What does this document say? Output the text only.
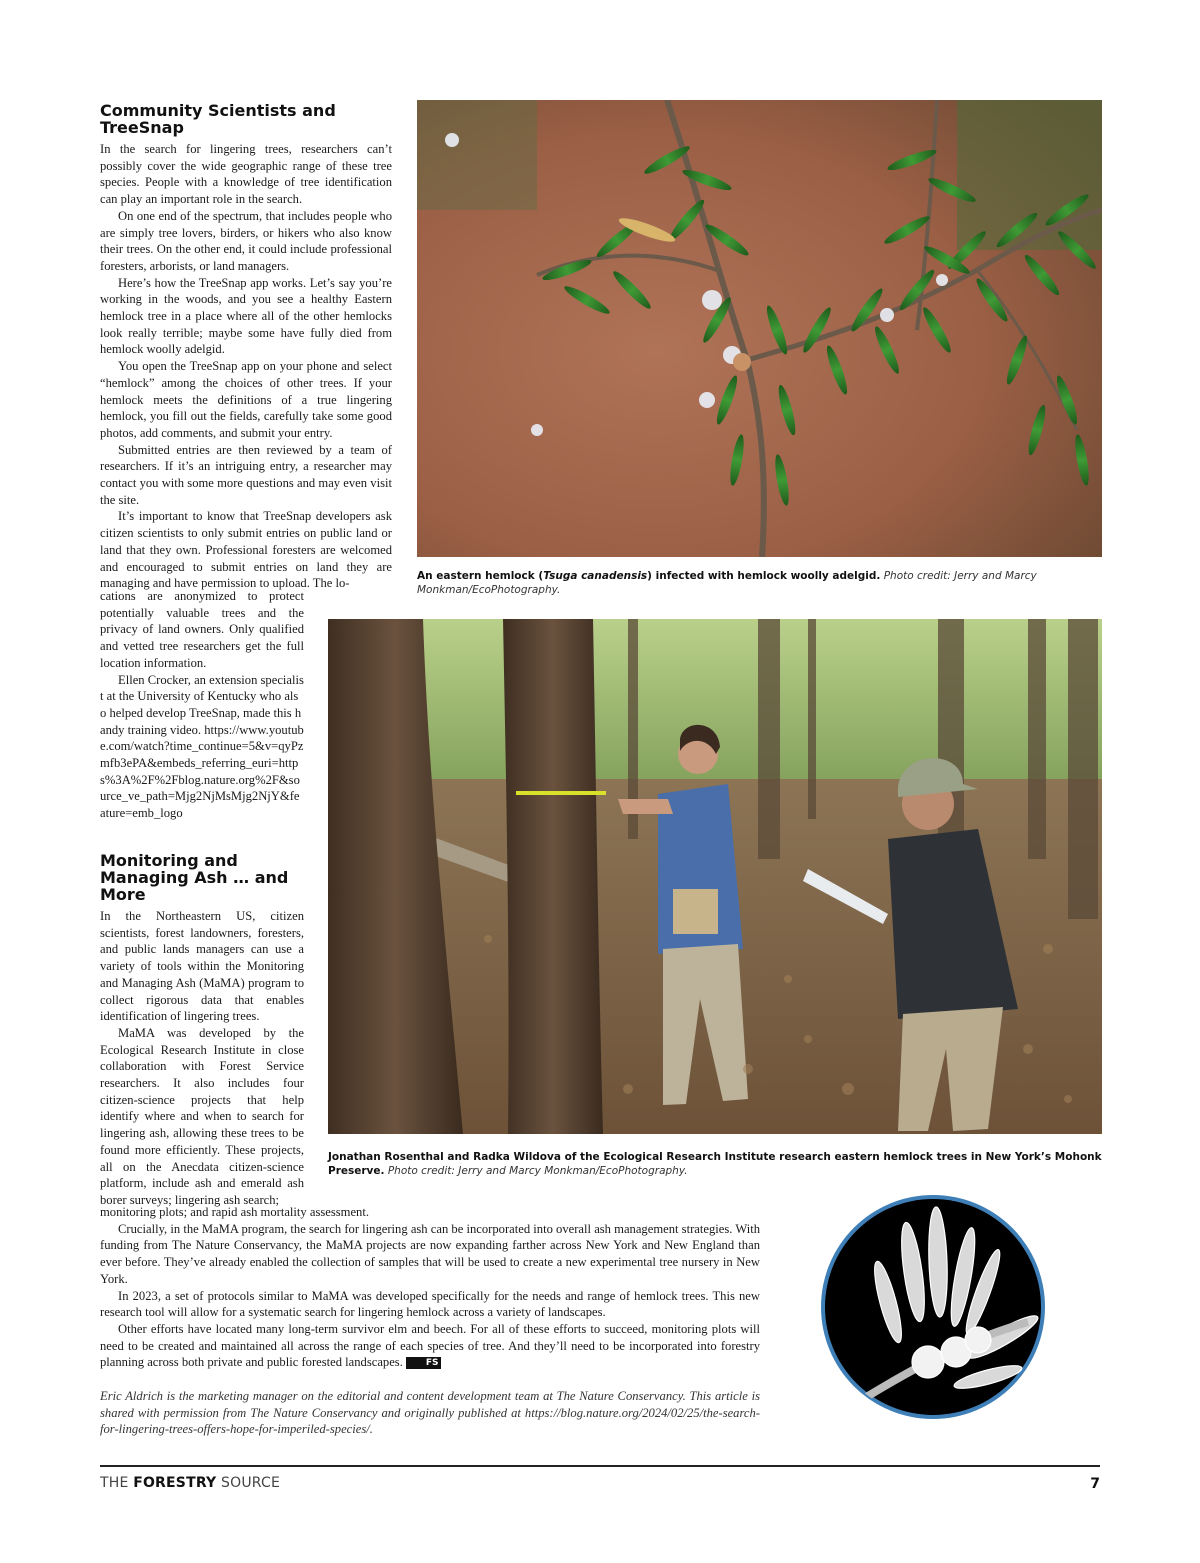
Community Scientists and TreeSnap

In the search for lingering trees, researchers can’t possibly cover the wide geographic range of these tree species. People with a knowledge of tree identification can play an important role in the search.

On one end of the spectrum, that includes people who are simply tree lovers, birders, or hikers who also know their trees. On the other end, it could include professional foresters, arborists, or land managers.

Here’s how the TreeSnap app works. Let’s say you’re working in the woods, and you see a healthy Eastern hemlock tree in a place where all of the other hemlocks look really terrible; maybe some have fully died from hemlock woolly adelgid.

You open the TreeSnap app on your phone and select “hemlock” among the choices of other trees. If your hemlock meets the definitions of a true lingering hemlock, you fill out the fields, carefully take some good photos, add comments, and submit your entry.

Submitted entries are then reviewed by a team of researchers. If it’s an intriguing entry, a researcher may contact you with some more questions and may even visit the site.

It’s important to know that TreeSnap developers ask citizen scientists to only submit entries on public land or land that they own. Professional foresters are welcomed and encouraged to submit entries on land they are managing and have permission to upload. The lo-

cations are anonymized to protect potentially valuable trees and the privacy of land owners. Only qualified and vetted tree researchers get the full location information.

Ellen Crocker, an extension specialist at the University of Kentucky who also helped develop TreeSnap, made this handy training video. https://www.youtube.com/watch?time_continue=5&v=qyPzmfb3ePA&embeds_referring_euri=https%3A%2F%2Fblog.nature.org%2F&source_ve_path=Mjg2NjMsMjg2NjY&feature=emb_logo

Monitoring and Managing Ash … and More

In the Northeastern US, citizen scientists, forest landowners, foresters, and public lands managers can use a variety of tools within the Monitoring and Managing Ash (MaMA) program to collect rigorous data that enables identification of lingering trees.

MaMA was developed by the Ecological Research Institute in close collaboration with Forest Service researchers. It also includes four citizen-science projects that help identify where and when to search for lingering ash, allowing these trees to be found more efficiently. These projects, all on the Anecdata citizen-science platform, include ash and emerald ash borer surveys; lingering ash search;

monitoring plots; and rapid ash mortality assessment.

Crucially, in the MaMA program, the search for lingering ash can be incorporated into overall ash management strategies. With funding from The Nature Conservancy, the MaMA projects are now expanding farther across New York and New England than ever before. They’ve already enabled the collection of samples that will be used to create a new experimental tree nursery in New York.

In 2023, a set of protocols similar to MaMA was developed specifically for the needs and range of hemlock trees. This new research tool will allow for a systematic search for lingering hemlock across a variety of landscapes.

Other efforts have located many long-term survivor elm and beech. For all of these efforts to succeed, monitoring plots will need to be created and maintained all across the range of each species of tree. And they’ll need to be incorporated into forestry planning across both private and public forested landscapes.	FS

Eric Aldrich is the marketing manager on the editorial and content development team at The Nature Conservancy. This article is shared with permission from The Nature Conservancy and originally published at https://blog.nature.org/2024/02/25/the-search-for-lingering-trees-offers-hope-for-imperiled-species/.
An eastern hemlock (Tsuga canadensis) infected with hemlock woolly adelgid. Photo credit: Jerry and Marcy Monkman/EcoPhotography.
Jonathan Rosenthal and Radka Wildova of the Ecological Research Institute research eastern hemlock trees in New York’s Mohonk Preserve. Photo credit: Jerry and Marcy Monkman/EcoPhotography.
THE FORESTRY SOURCE	7
